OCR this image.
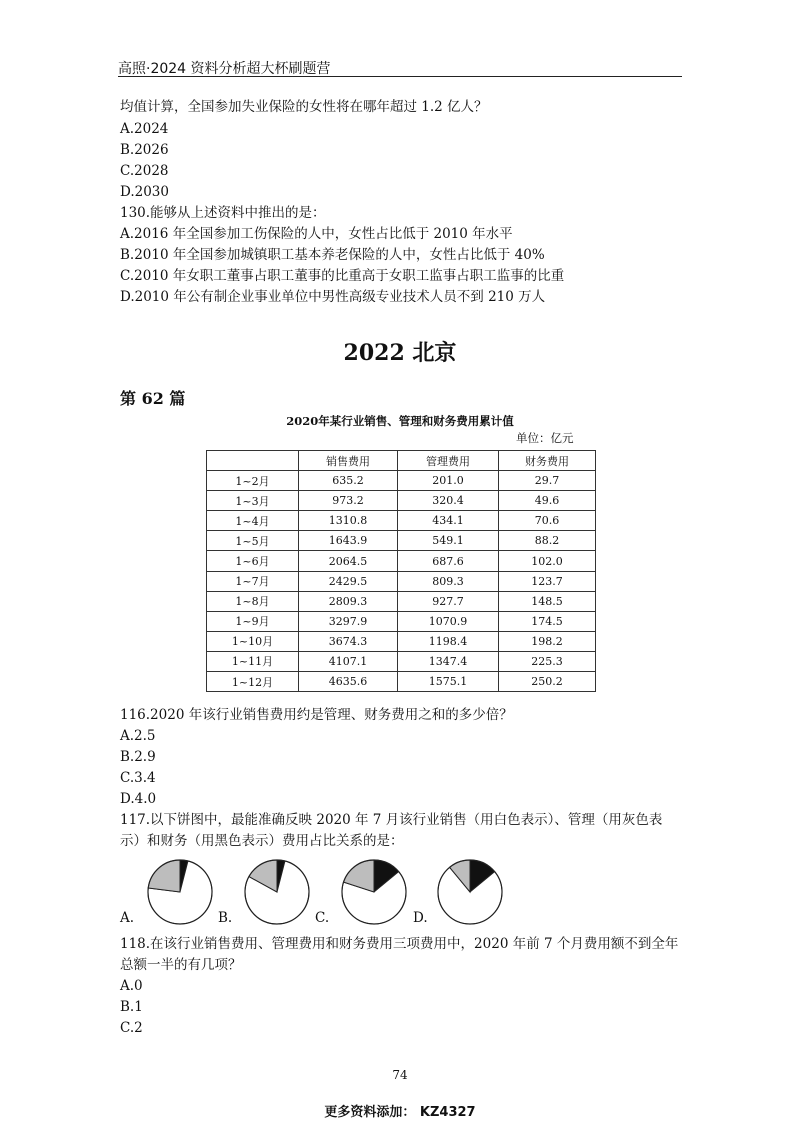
高照·2024 资料分析超大杯刷题营
均值计算，全国参加失业保险的女性将在哪年超过 1.2 亿人？
A.2024
B.2026
C.2028
D.2030
130.能够从上述资料中推出的是：
A.2016 年全国参加工伤保险的人中，女性占比低于 2010 年水平
B.2010 年全国参加城镇职工基本养老保险的人中，女性占比低于 40%
C.2010 年女职工董事占职工董事的比重高于女职工监事占职工监事的比重
D.2010 年公有制企业事业单位中男性高级专业技术人员不到 210 万人
2022 北京
第 62 篇
2020年某行业销售、管理和财务费用累计值
单位：亿元
	销售费用	管理费用	财务费用
1~2月	635.2	201.0	29.7
1~3月	973.2	320.4	49.6
1~4月	1310.8	434.1	70.6
1~5月	1643.9	549.1	88.2
1~6月	2064.5	687.6	102.0
1~7月	2429.5	809.3	123.7
1~8月	2809.3	927.7	148.5
1~9月	3297.9	1070.9	174.5
1~10月	3674.3	1198.4	198.2
1~11月	4107.1	1347.4	225.3
1~12月	4635.6	1575.1	250.2
116.2020 年该行业销售费用约是管理、财务费用之和的多少倍？
A.2.5
B.2.9
C.3.4
D.4.0
117.以下饼图中，最能准确反映 2020 年 7 月该行业销售（用白色表示）、管理（用灰色表
示）和财务（用黑色表示）费用占比关系的是：
A.	B.	C.	D.
118.在该行业销售费用、管理费用和财务费用三项费用中，2020 年前 7 个月费用额不到全年
总额一半的有几项？
A.0
B.1
C.2
74
更多资料添加： KZ4327
